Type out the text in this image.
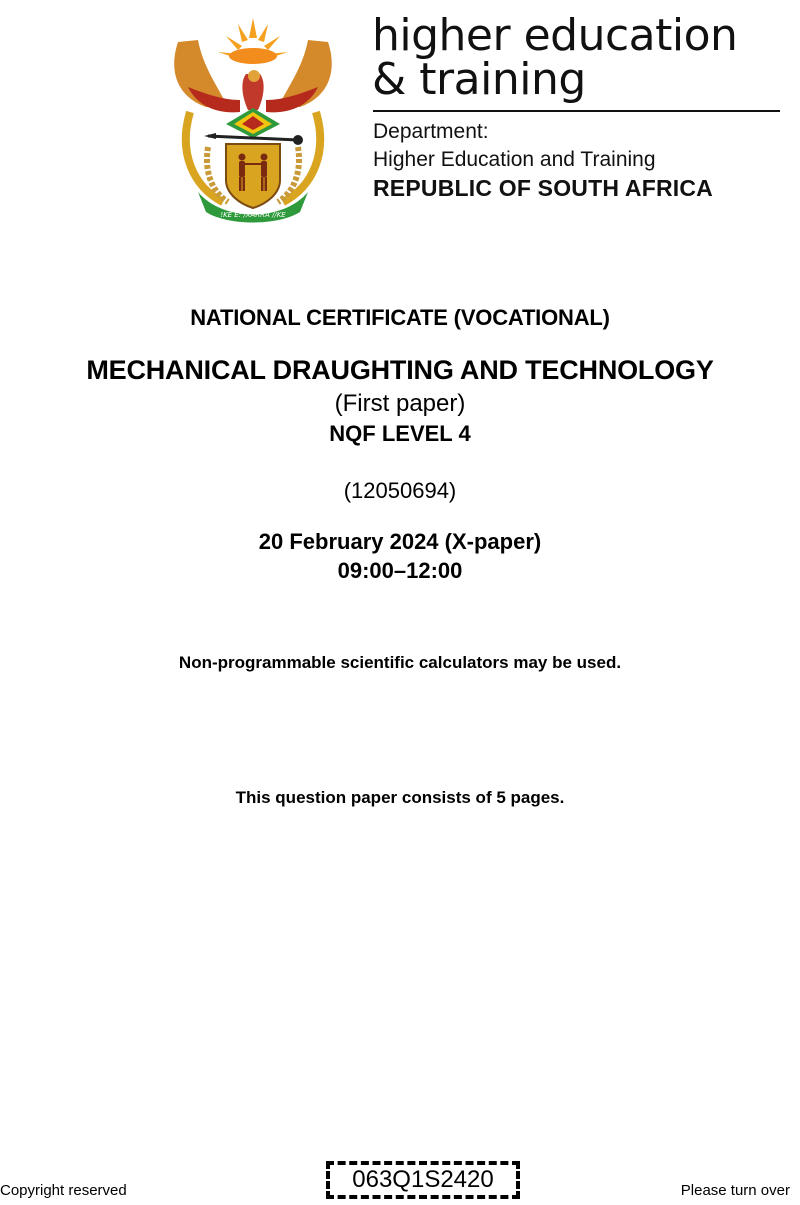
!KE E: /XARRA //KE
higher education
& training
Department:
Higher Education and Training
REPUBLIC OF SOUTH AFRICA
NATIONAL CERTIFICATE (VOCATIONAL)
MECHANICAL DRAUGHTING AND TECHNOLOGY
(First paper)
NQF LEVEL 4
(12050694)
20 February 2024 (X-paper)
09:00–12:00
Non-programmable scientific calculators may be used.
This question paper consists of 5 pages.
Copyright reserved	063Q1S2420	Please turn over
